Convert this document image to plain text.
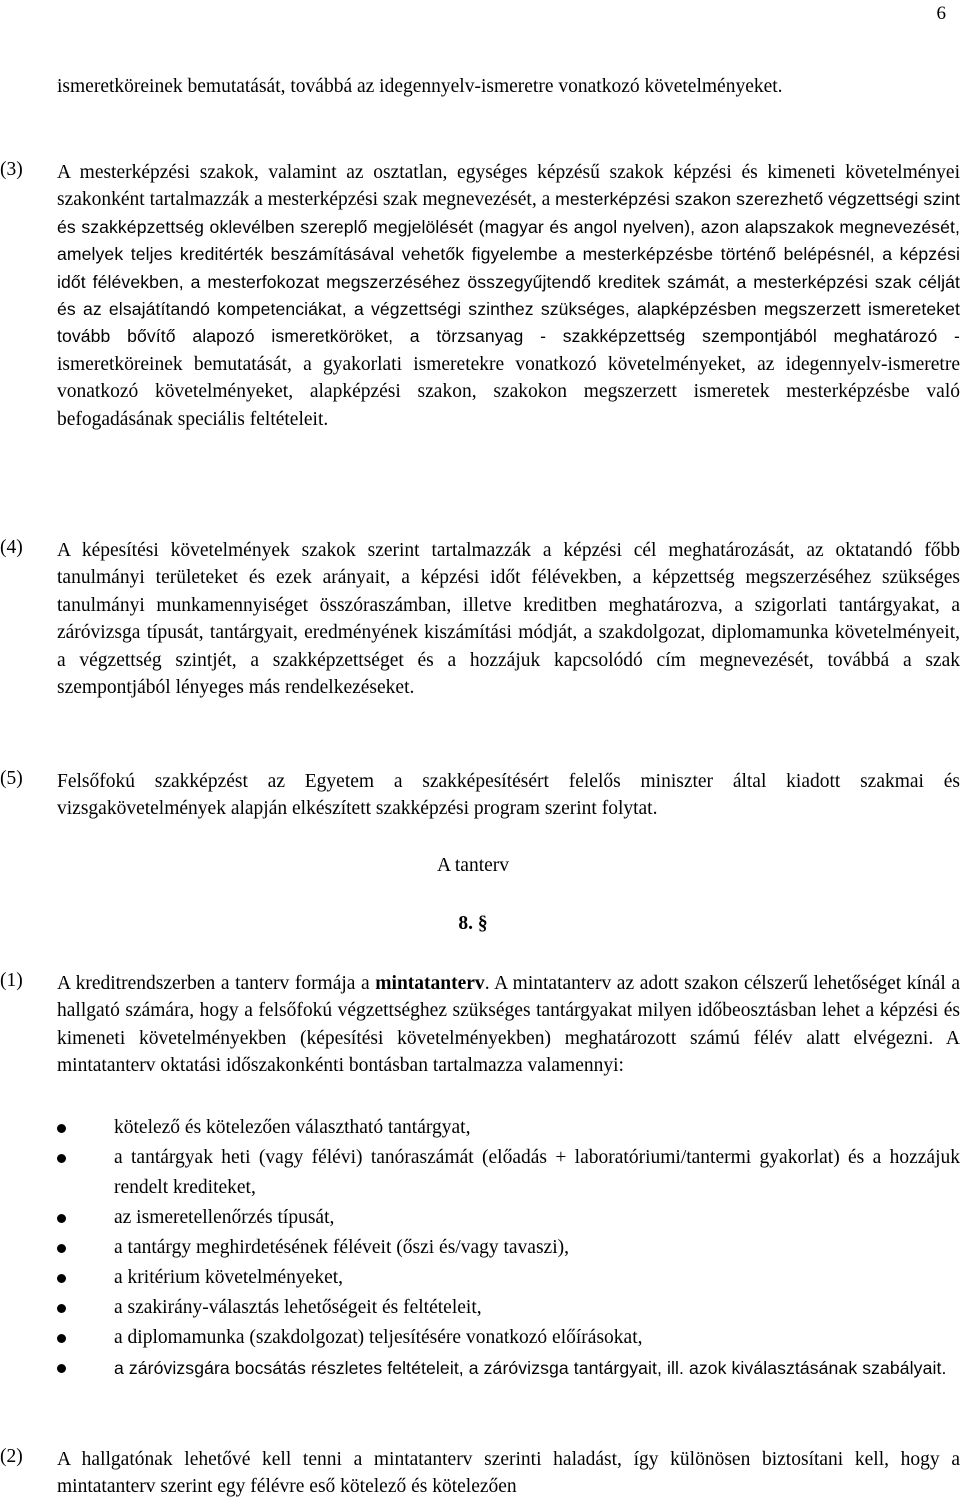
6
ismeretköreinek bemutatását, továbbá az idegennyelv-ismeretre vonatkozó követelményeket.
(3) A mesterképzési szakok, valamint az osztatlan, egységes képzésű szakok képzési és kimeneti követelményei szakonként tartalmazzák a mesterképzési szak megnevezését, a mesterképzési szakon szerezhető végzettségi szint és szakképzettség oklevélben szereplő megjelölését (magyar és angol nyelven), azon alapszakok megnevezését, amelyek teljes kreditérték beszámításával vehetők figyelembe a mesterképzésbe történő belépésnél, a képzési időt félévekben, a mesterfokozat megszerzéséhez összegyűjtendő kreditek számát, a mesterképzési szak célját és az elsajátítandó kompetenciákat, a végzettségi szinthez szükséges, alapképzésben megszerzett ismereteket tovább bővítő alapozó ismeretköröket, a törzsanyag - szakképzettség szempontjából meghatározó - ismeretköreinek bemutatását, a gyakorlati ismeretekre vonatkozó követelményeket, az idegennyelv-ismeretre vonatkozó követelményeket, alapképzési szakon, szakokon megszerzett ismeretek mesterképzésbe való befogadásának speciális feltételeit.
(4) A képesítési követelmények szakok szerint tartalmazzák a képzési cél meghatározását, az oktatandó főbb tanulmányi területeket és ezek arányait, a képzési időt félévekben, a képzettség megszerzéséhez szükséges tanulmányi munkamennyiséget összóraszámban, illetve kreditben meghatározva, a szigorlati tantárgyakat, a záróvizsga típusát, tantárgyait, eredményének kiszámítási módját, a szakdolgozat, diplomamunka követelményeit, a végzettség szintjét, a szakképzettséget és a hozzájuk kapcsolódó cím megnevezését, továbbá a szak szempontjából lényeges más rendelkezéseket.
(5) Felsőfokú szakképzést az Egyetem a szakképesítésért felelős miniszter által kiadott szakmai és vizsgakövetelmények alapján elkészített szakképzési program szerint folytat.
A tanterv
8. §
(1) A kreditrendszerben a tanterv formája a mintatanterv. A mintatanterv az adott szakon célszerű lehetőséget kínál a hallgató számára, hogy a felsőfokú végzettséghez szükséges tantárgyakat milyen időbeosztásban lehet a képzési és kimeneti követelményekben (képesítési követelményekben) meghatározott számú félév alatt elvégezni. A mintatanterv oktatási időszakonkénti bontásban tartalmazza valamennyi:
kötelező és kötelezően választható tantárgyat,
a tantárgyak heti (vagy félévi) tanóraszámát (előadás + laboratóriumi/tantermi gyakorlat) és a hozzájuk rendelt krediteket,
az ismeretellenőrzés típusát,
a tantárgy meghirdetésének féléveit (őszi és/vagy tavaszi),
a kritérium követelményeket,
a szakirány-választás lehetőségeit és feltételeit,
a diplomamunka (szakdolgozat) teljesítésére vonatkozó előírásokat,
a záróvizsgára bocsátás részletes feltételeit, a záróvizsga tantárgyait, ill. azok kiválasztásának szabályait.
(2) A hallgatónak lehetővé kell tenni a mintatanterv szerinti haladást, így különösen biztosítani kell, hogy a mintatanterv szerint egy félévre eső kötelező és kötelezően
